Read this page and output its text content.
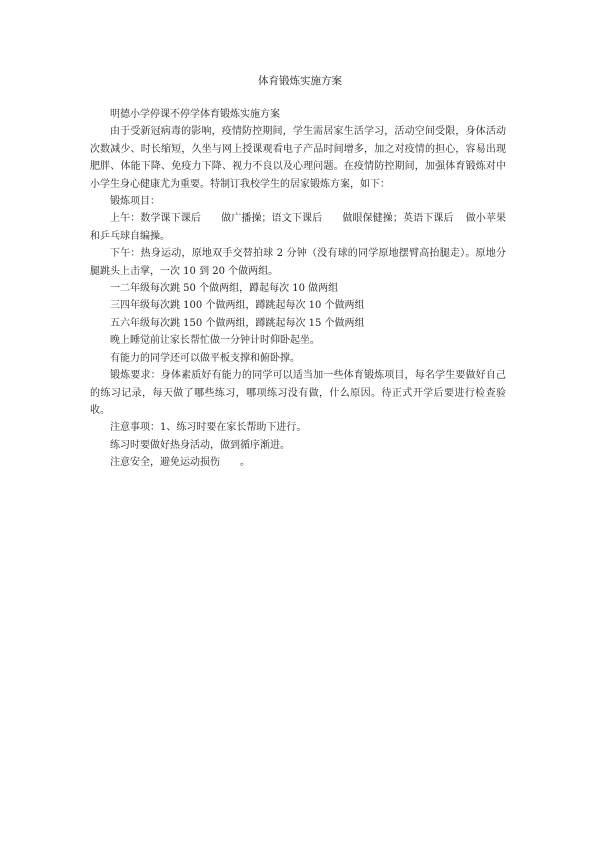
体育锻炼实施方案

明德小学停课不停学体育锻炼实施方案

由于受新冠病毒的影响，疫情防控期间，学生需居家生活学习，活动空间受限，身体活动次数减少、时长缩短，久坐与网上授课观看电子产品时间增多，加之对疫情的担心，容易出现肥胖、体能下降、免疫力下降、视力不良以及心理问题。在疫情防控期间，加强体育锻炼对中小学生身心健康尤为重要。特制订我校学生的居家锻炼方案，如下：

锻炼项目：

上午：数学课下课后 做广播操；语文下课后 做眼保健操；英语下课后 做小苹果和乒乓球自编操。

下午：热身运动，原地双手交替拍球 2 分钟（没有球的同学原地摆臂高抬腿走）。原地分腿跳头上击掌，一次 10 到 20 个做两组。

一二年级每次跳 50 个做两组，蹲起每次 10 做两组

三四年级每次跳 100 个做两组，蹲跳起每次 10 个做两组

五六年级每次跳 150 个做两组，蹲跳起每次 15 个做两组

晚上睡觉前让家长帮忙做一分钟计时仰卧起坐。

有能力的同学还可以做平板支撑和俯卧撑。

锻炼要求：身体素质好有能力的同学可以适当加一些体育锻炼项目，每名学生要做好自己的练习记录，每天做了哪些练习，哪项练习没有做，什么原因。待正式开学后要进行检查验收。

注意事项：1、练习时要在家长帮助下进行。

练习时要做好热身活动，做到循序渐进。

注意安全，避免运动损伤 。
